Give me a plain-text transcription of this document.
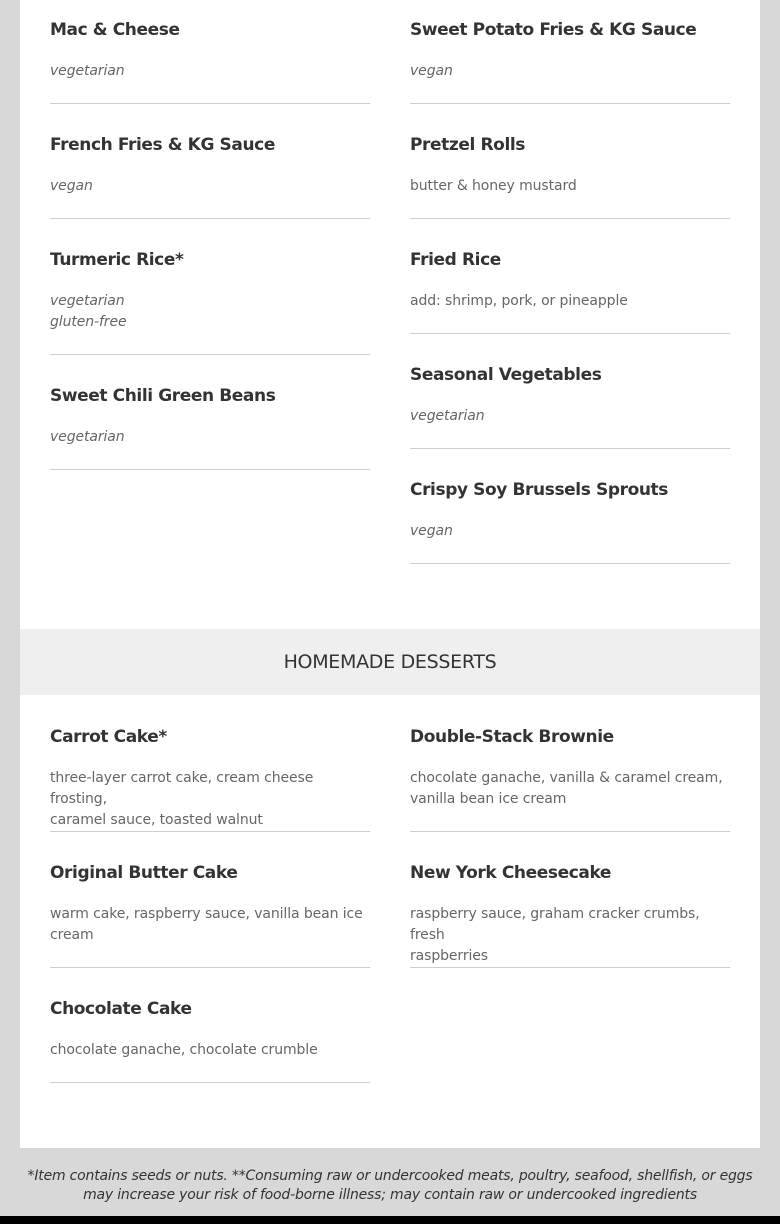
Mac & Cheese
vegetarian
French Fries & KG Sauce
vegan
Turmeric Rice*
vegetarian
gluten-free
Sweet Chili Green Beans
vegetarian
Sweet Potato Fries & KG Sauce
vegan
Pretzel Rolls
butter & honey mustard
Fried Rice
add: shrimp, pork, or pineapple
Seasonal Vegetables
vegetarian
Crispy Soy Brussels Sprouts
vegan
HOMEMADE DESSERTS
Carrot Cake*
three-layer carrot cake, cream cheese frosting,
caramel sauce, toasted walnut
Original Butter Cake
warm cake, raspberry sauce, vanilla bean ice
cream
Chocolate Cake
chocolate ganache, chocolate crumble
Double-Stack Brownie
chocolate ganache, vanilla & caramel cream,
vanilla bean ice cream
New York Cheesecake
raspberry sauce, graham cracker crumbs, fresh
raspberries
*Item contains seeds or nuts. **Consuming raw or undercooked meats, poultry, seafood, shellfish, or eggs
may increase your risk of food-borne illness; may contain raw or undercooked ingredients
